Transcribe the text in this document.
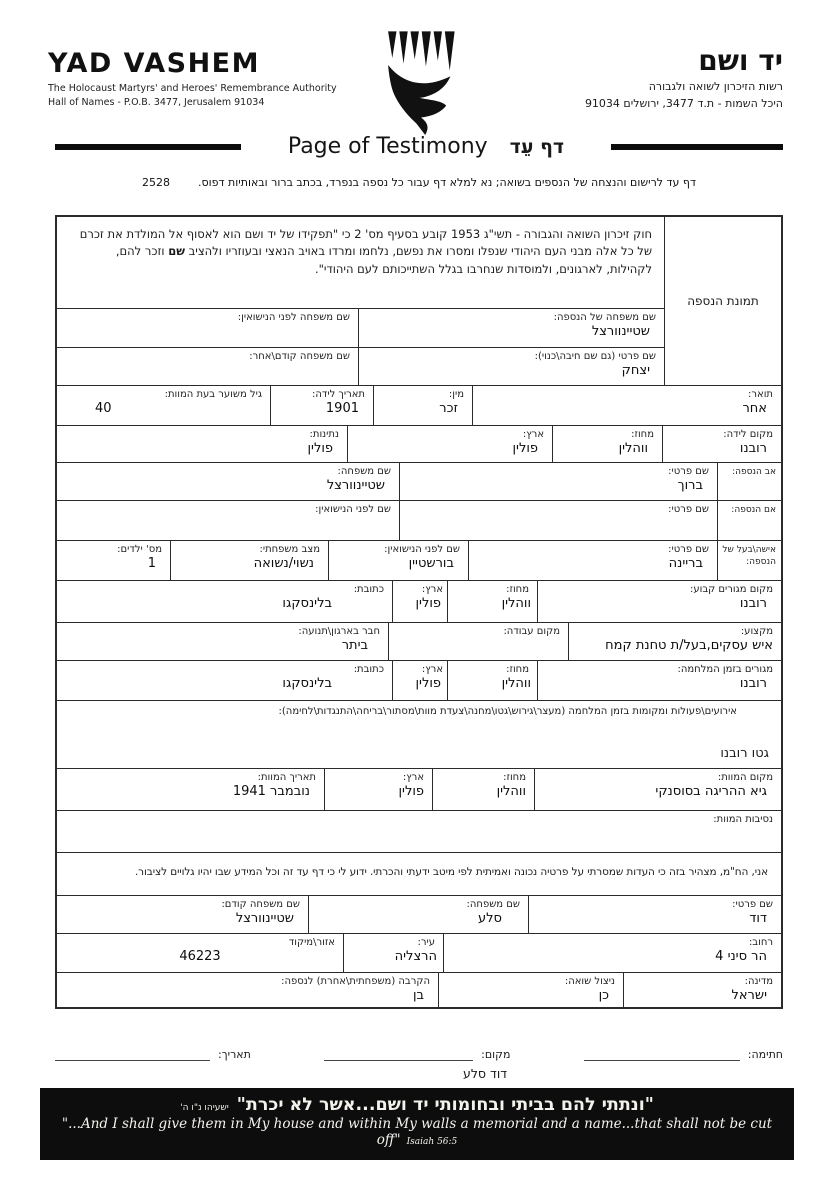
YAD VASHEM
The Holocaust Martyrs' and Heroes' Remembrance Authority
Hall of Names - P.O.B. 3477, Jerusalem 91034
יד ושם
רשות הזיכרון לשואה ולגבורה
היכל השמות - ת.ד 3477, ירושלים 91034
Page of Testimony דף עֵד
דף עד לרישום והנצחה של הנספים בשואה; נא למלא דף עבור כל נספה בנפרד, בכתב ברור ובאותיות דפוס.
2528
תמונת הנספה
חוק זיכרון השואה והגבורה - תשי"ג 1953 קובע בסעיף מס' 2 כי "תפקידו של יד ושם הוא לאסוף אל המולדת את זכרם של כל אלה מבני העם היהודי שנפלו ומסרו את נפשם, נלחמו ומרדו באויב הנאצי ובעוזריו ולהציב שם וזכר להם, לקהילות, לארגונים, ולמוסדות שנחרבו בגלל השתייכותם לעם היהודי".
שם משפחה של הנספה:
שטיינוורצל
שם משפחה לפני הנישואין:
שם פרטי (גם שם חיבה\כנוי):
יצחק
שם משפחה קודם\אחר:
תואר:
אחר
מין:
זכר
תאריך לידה:
1901
גיל משוער בעת המוות:
40
מקום לידה:
רובנו
מחוז:
ווהלין
ארץ:
פולין
נתינות:
פולין
אב הנספה:
שם פרטי:
ברוך
שם משפחה:
שטיינוורצל
אם הנספה:
שם פרטי:
שם לפני הנישואין:
אישה\בעל של הנספה:
שם פרטי:
בריינה
שם לפני הנישואין:
בורשטיין
מצב משפחתי:
נשוי/נשואה
מס' ילדים:
1
מקום מגורים קבוע:
רובנו
מחוז:
ווהלין
ארץ:
פולין
כתובת:
בלינסקגו
מקצוע:
איש עסקים,בעל/ת טחנת קמח
מקום עבודה:
חבר בארגון\תנועה:
ביתר
מגורים בזמן המלחמה:
רובנו
מחוז:
ווהלין
ארץ:
פולין
כתובת:
בלינסקגו
אירועים\פעולות ומקומות בזמן המלחמה (מעצר\גירוש\גטו\מחנה\צעדת מוות\מסתור\בריחה\התנגדות\לחימה):
גטו רובנו
מקום המוות:
גיא ההריגה בסוסנקי
מחוז:
ווהלין
ארץ:
פולין
תאריך המוות:
נובמבר 1941
נסיבות המוות:
אני, הח"מ, מצהיר בזה כי העדות שמסרתי על פרטיה נכונה ואמיתית לפי מיטב ידעתי והכרתי. ידוע לי כי דף עד זה וכל המידע שבו יהיו גלויים לציבור.
שם פרטי:
דוד
שם משפחה:
סלע
שם משפחה קודם:
שטיינוורצל
רחוב:
הר סיני 4
עיר:
הרצליה
אזור\מיקוד
46223
מדינה:
ישראל
ניצול שואה:
כן
הקרבה (משפחתית\אחרת) לנספה:
בן
חתימה:
מקום:
תאריך:
דוד סלע
"ונתתי להם בביתי ובחומותי יד ושם...אשר לא יכרת"ישעיהו נ"ו ה'
"...And I shall give them in My house and within My walls a memorial and a name...that shall not be cut off" Isaiah 56:5
